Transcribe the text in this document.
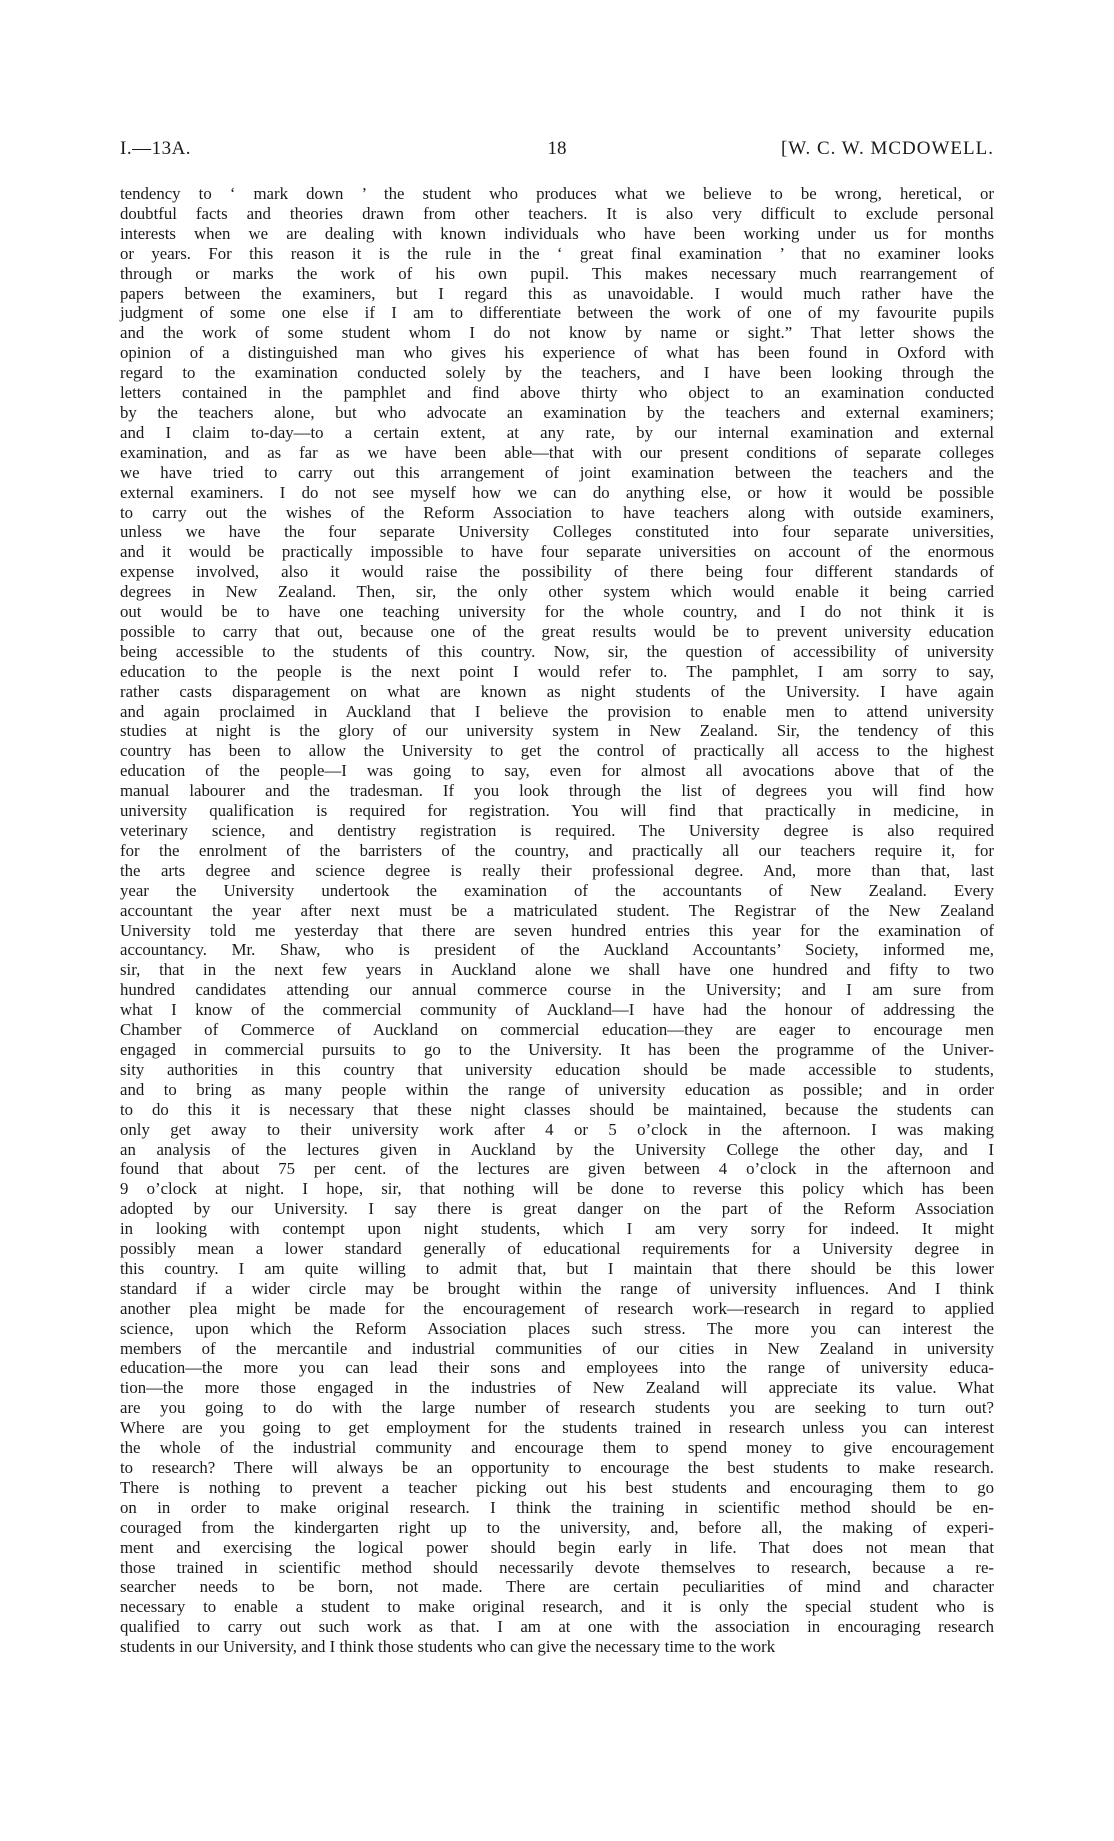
I.—13A.	18	[W. C. W. MCDOWELL.

tendency to ‘ mark down ’ the student who produces what we believe to be wrong, heretical, or

doubtful facts and theories drawn from other teachers. It is also very difficult to exclude personal

interests when we are dealing with known individuals who have been working under us for months

or years. For this reason it is the rule in the ‘ great final examination ’ that no examiner looks

through or marks the work of his own pupil. This makes necessary much rearrangement of

papers between the examiners, but I regard this as unavoidable. I would much rather have the

judgment of some one else if I am to differentiate between the work of one of my favourite pupils

and the work of some student whom I do not know by name or sight.” That letter shows the

opinion of a distinguished man who gives his experience of what has been found in Oxford with

regard to the examination conducted solely by the teachers, and I have been looking through the

letters contained in the pamphlet and find above thirty who object to an examination conducted

by the teachers alone, but who advocate an examination by the teachers and external examiners;

and I claim to-day—to a certain extent, at any rate, by our internal examination and external

examination, and as far as we have been able—that with our present conditions of separate colleges

we have tried to carry out this arrangement of joint examination between the teachers and the

external examiners. I do not see myself how we can do anything else, or how it would be possible

to carry out the wishes of the Reform Association to have teachers along with outside examiners,

unless we have the four separate University Colleges constituted into four separate universities,

and it would be practically impossible to have four separate universities on account of the enormous

expense involved, also it would raise the possibility of there being four different standards of

degrees in New Zealand. Then, sir, the only other system which would enable it being carried

out would be to have one teaching university for the whole country, and I do not think it is

possible to carry that out, because one of the great results would be to prevent university education

being accessible to the students of this country. Now, sir, the question of accessibility of university

education to the people is the next point I would refer to. The pamphlet, I am sorry to say,

rather casts disparagement on what are known as night students of the University. I have again

and again proclaimed in Auckland that I believe the provision to enable men to attend university

studies at night is the glory of our university system in New Zealand. Sir, the tendency of this

country has been to allow the University to get the control of practically all access to the highest

education of the people—I was going to say, even for almost all avocations above that of the

manual labourer and the tradesman. If you look through the list of degrees you will find how

university qualification is required for registration. You will find that practically in medicine, in

veterinary science, and dentistry registration is required. The University degree is also required

for the enrolment of the barristers of the country, and practically all our teachers require it, for

the arts degree and science degree is really their professional degree. And, more than that, last

year the University undertook the examination of the accountants of New Zealand. Every

accountant the year after next must be a matriculated student. The Registrar of the New Zealand

University told me yesterday that there are seven hundred entries this year for the examination of

accountancy. Mr. Shaw, who is president of the Auckland Accountants’ Society, informed me,

sir, that in the next few years in Auckland alone we shall have one hundred and fifty to two

hundred candidates attending our annual commerce course in the University; and I am sure from

what I know of the commercial community of Auckland—I have had the honour of addressing the

Chamber of Commerce of Auckland on commercial education—they are eager to encourage men

engaged in commercial pursuits to go to the University. It has been the programme of the Univer-

sity authorities in this country that university education should be made accessible to students,

and to bring as many people within the range of university education as possible; and in order

to do this it is necessary that these night classes should be maintained, because the students can

only get away to their university work after 4 or 5 o’clock in the afternoon. I was making

an analysis of the lectures given in Auckland by the University College the other day, and I

found that about 75 per cent. of the lectures are given between 4 o’clock in the afternoon and

9 o’clock at night. I hope, sir, that nothing will be done to reverse this policy which has been

adopted by our University. I say there is great danger on the part of the Reform Association

in looking with contempt upon night students, which I am very sorry for indeed. It might

possibly mean a lower standard generally of educational requirements for a University degree in

this country. I am quite willing to admit that, but I maintain that there should be this lower

standard if a wider circle may be brought within the range of university influences. And I think

another plea might be made for the encouragement of research work—research in regard to applied

science, upon which the Reform Association places such stress. The more you can interest the

members of the mercantile and industrial communities of our cities in New Zealand in university

education—the more you can lead their sons and employees into the range of university educa-

tion—the more those engaged in the industries of New Zealand will appreciate its value. What

are you going to do with the large number of research students you are seeking to turn out?

Where are you going to get employment for the students trained in research unless you can interest

the whole of the industrial community and encourage them to spend money to give encouragement

to research? There will always be an opportunity to encourage the best students to make research.

There is nothing to prevent a teacher picking out his best students and encouraging them to go

on in order to make original research. I think the training in scientific method should be en-

couraged from the kindergarten right up to the university, and, before all, the making of experi-

ment and exercising the logical power should begin early in life. That does not mean that

those trained in scientific method should necessarily devote themselves to research, because a re-

searcher needs to be born, not made. There are certain peculiarities of mind and character

necessary to enable a student to make original research, and it is only the special student who is

qualified to carry out such work as that. I am at one with the association in encouraging research

students in our University, and I think those students who can give the necessary time to the work
